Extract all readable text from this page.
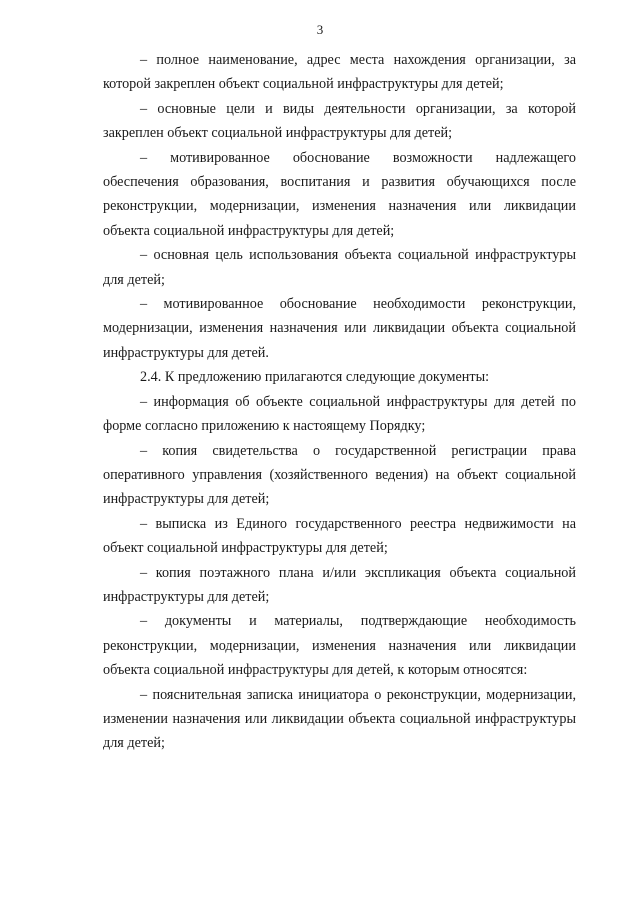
3

– полное наименование, адрес места нахождения организации, за которой закреплен объект социальной инфраструктуры для детей;

– основные цели и виды деятельности организации, за которой закреплен объект социальной инфраструктуры для детей;

– мотивированное обоснование возможности надлежащего обеспечения образования, воспитания и развития обучающихся после реконструкции, модернизации, изменения назначения или ликвидации объекта социальной инфраструктуры для детей;

– основная цель использования объекта социальной инфраструктуры для детей;

– мотивированное обоснование необходимости реконструкции, модернизации, изменения назначения или ликвидации объекта социальной инфраструктуры для детей.

2.4. К предложению прилагаются следующие документы:

– информация об объекте социальной инфраструктуры для детей по форме согласно приложению к настоящему Порядку;

– копия свидетельства о государственной регистрации права оперативного управления (хозяйственного ведения) на объект социальной инфраструктуры для детей;

– выписка из Единого государственного реестра недвижимости на объект социальной инфраструктуры для детей;

– копия поэтажного плана и/или экспликация объекта социальной инфраструктуры для детей;

– документы и материалы, подтверждающие необходимость реконструкции, модернизации, изменения назначения или ликвидации объекта социальной инфраструктуры для детей, к которым относятся:

– пояснительная записка инициатора о реконструкции, модернизации, изменении назначения или ликвидации объекта социальной инфраструктуры для детей;
